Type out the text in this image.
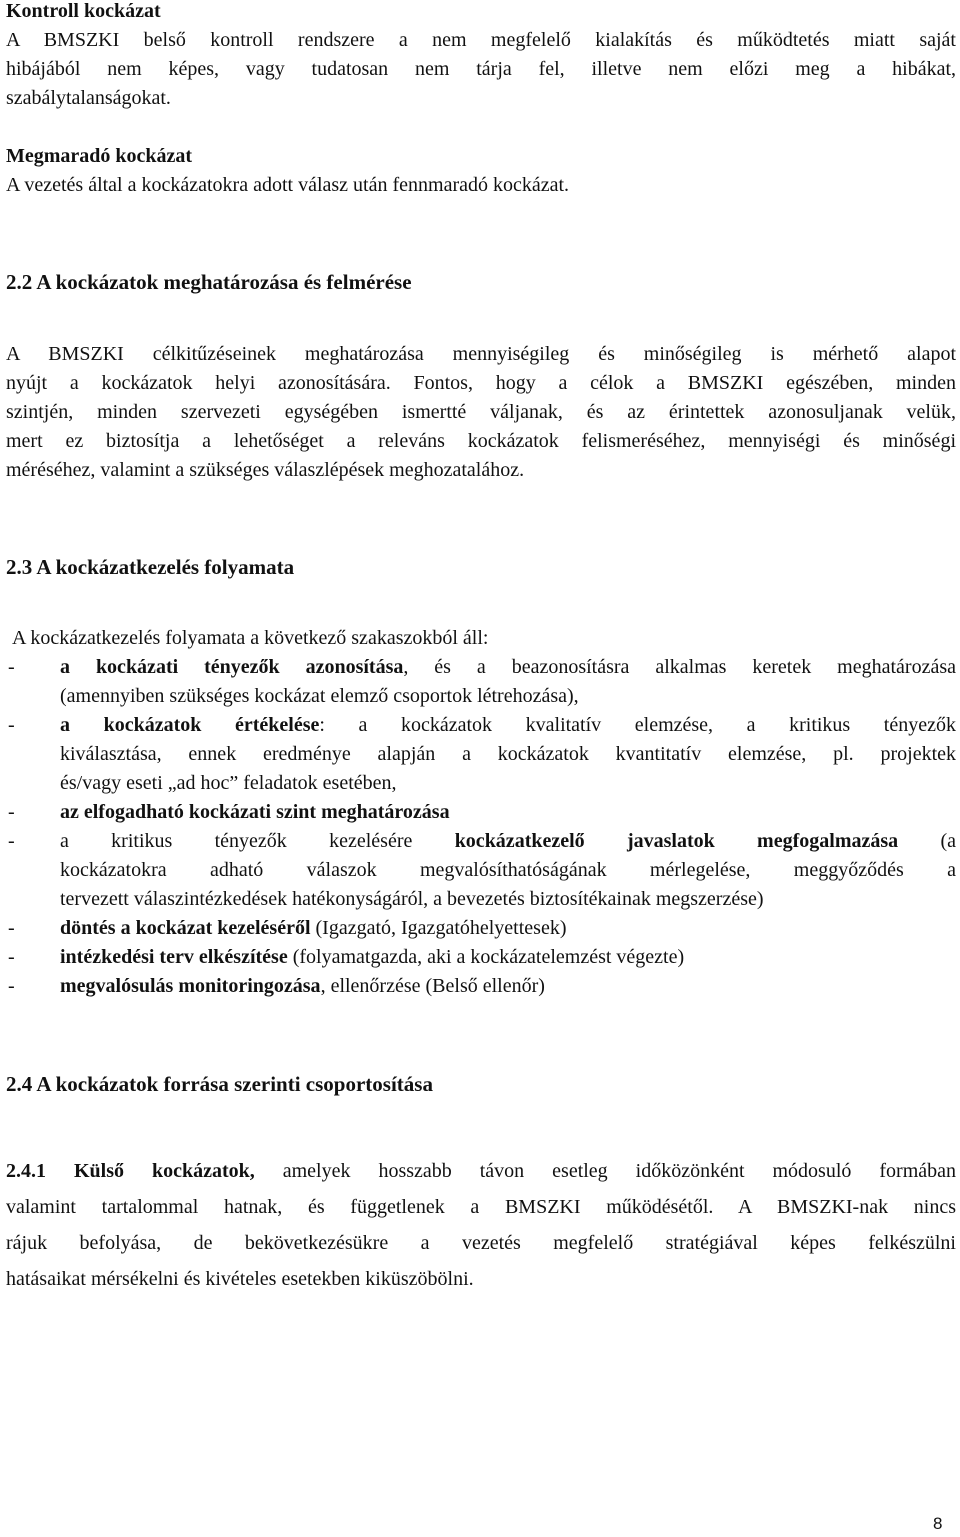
Kontroll kockázat
A BMSZKI belső kontroll rendszere a nem megfelelő kialakítás és működtetés miatt saját
hibájából nem képes, vagy tudatosan nem tárja fel, illetve nem előzi meg a hibákat,
szabálytalanságokat.
Megmaradó kockázat
A vezetés által a kockázatokra adott válasz után fennmaradó kockázat.
2.2 A kockázatok meghatározása és felmérése
A BMSZKI célkitűzéseinek meghatározása mennyiségileg és minőségileg is mérhető alapot
nyújt a kockázatok helyi azonosítására. Fontos, hogy a célok a BMSZKI egészében, minden
szintjén, minden szervezeti egységében ismertté váljanak, és az érintettek azonosuljanak velük,
mert ez biztosítja a lehetőséget a releváns kockázatok felismeréséhez, mennyiségi és minőségi
méréséhez, valamint a szükséges válaszlépések meghozatalához.
2.3 A kockázatkezelés folyamata
A kockázatkezelés folyamata a következő szakaszokból áll:
-	a kockázati tényezők azonosítása, és a beazonosításra alkalmas keretek meghatározása
(amennyiben szükséges kockázat elemző csoportok létrehozása),
-	a kockázatok értékelése: a kockázatok kvalitatív elemzése, a kritikus tényezők
kiválasztása, ennek eredménye alapján a kockázatok kvantitatív elemzése, pl. projektek
és/vagy eseti „ad hoc” feladatok esetében,
-	az elfogadható kockázati szint meghatározása
-	a kritikus tényezők kezelésére kockázatkezelő javaslatok megfogalmazása (a
kockázatokra adható válaszok megvalósíthatóságának mérlegelése, meggyőződés a
tervezett válaszintézkedések hatékonyságáról, a bevezetés biztosítékainak megszerzése)
-	döntés a kockázat kezeléséről (Igazgató, Igazgatóhelyettesek)
-	intézkedési terv elkészítése (folyamatgazda, aki a kockázatelemzést végezte)
-	megvalósulás monitoringozása, ellenőrzése (Belső ellenőr)
2.4 A kockázatok forrása szerinti csoportosítása
2.4.1 Külső kockázatok, amelyek hosszabb távon esetleg időközönként módosuló formában
valamint tartalommal hatnak, és függetlenek a BMSZKI működésétől. A BMSZKI-nak nincs
rájuk befolyása, de bekövetkezésükre a vezetés megfelelő stratégiával képes felkészülni
hatásaikat mérsékelni és kivételes esetekben kiküszöbölni.
8
